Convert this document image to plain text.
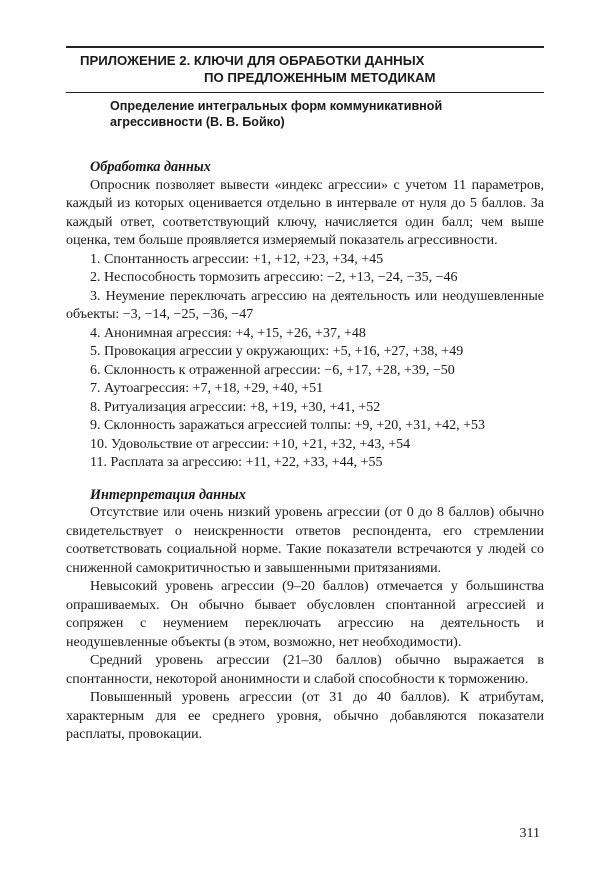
ПРИЛОЖЕНИЕ 2. КЛЮЧИ ДЛЯ ОБРАБОТКИ ДАННЫХ
ПО ПРЕДЛОЖЕННЫМ МЕТОДИКАМ
Определение интегральных форм коммуникативной
агрессивности (В. В. Бойко)
Обработка данных

Опросник позволяет вывести «индекс агрессии» с учетом 11 параметров, каждый из которых оценивается отдельно в интервале от нуля до 5 баллов. За каждый ответ, соответствующий ключу, начисляется один балл; чем выше оценка, тем больше проявляется измеряемый показатель агрессивности.

1. Спонтанность агрессии: +1, +12, +23, +34, +45
2. Неспособность тормозить агрессию: −2, +13, −24, −35, −46
3. Неумение переключать агрессию на деятельность или неодушевленные объекты: −3, −14, −25, −36, −47
4. Анонимная агрессия: +4, +15, +26, +37, +48
5. Провокация агрессии у окружающих: +5, +16, +27, +38, +49
6. Склонность к отраженной агрессии: −6, +17, +28, +39, −50
7. Аутоагрессия: +7, +18, +29, +40, +51
8. Ритуализация агрессии: +8, +19, +30, +41, +52
9. Склонность заражаться агрессией толпы: +9, +20, +31, +42, +53
10. Удовольствие от агрессии: +10, +21, +32, +43, +54
11. Расплата за агрессию: +11, +22, +33, +44, +55
Интерпретация данных

Отсутствие или очень низкий уровень агрессии (от 0 до 8 баллов) обычно свидетельствует о неискренности ответов респондента, его стремлении соответствовать социальной норме. Такие показатели встречаются у людей со сниженной самокритичностью и завышенными притязаниями.

Невысокий уровень агрессии (9–20 баллов) отмечается у большинства опрашиваемых. Он обычно бывает обусловлен спонтанной агрессией и сопряжен с неумением переключать агрессию на деятельность и неодушевленные объекты (в этом, возможно, нет необходимости).

Средний уровень агрессии (21–30 баллов) обычно выражается в спонтанности, некоторой анонимности и слабой способности к торможению.

Повышенный уровень агрессии (от 31 до 40 баллов). К атрибутам, характерным для ее среднего уровня, обычно добавляются показатели расплаты, провокации.

311
